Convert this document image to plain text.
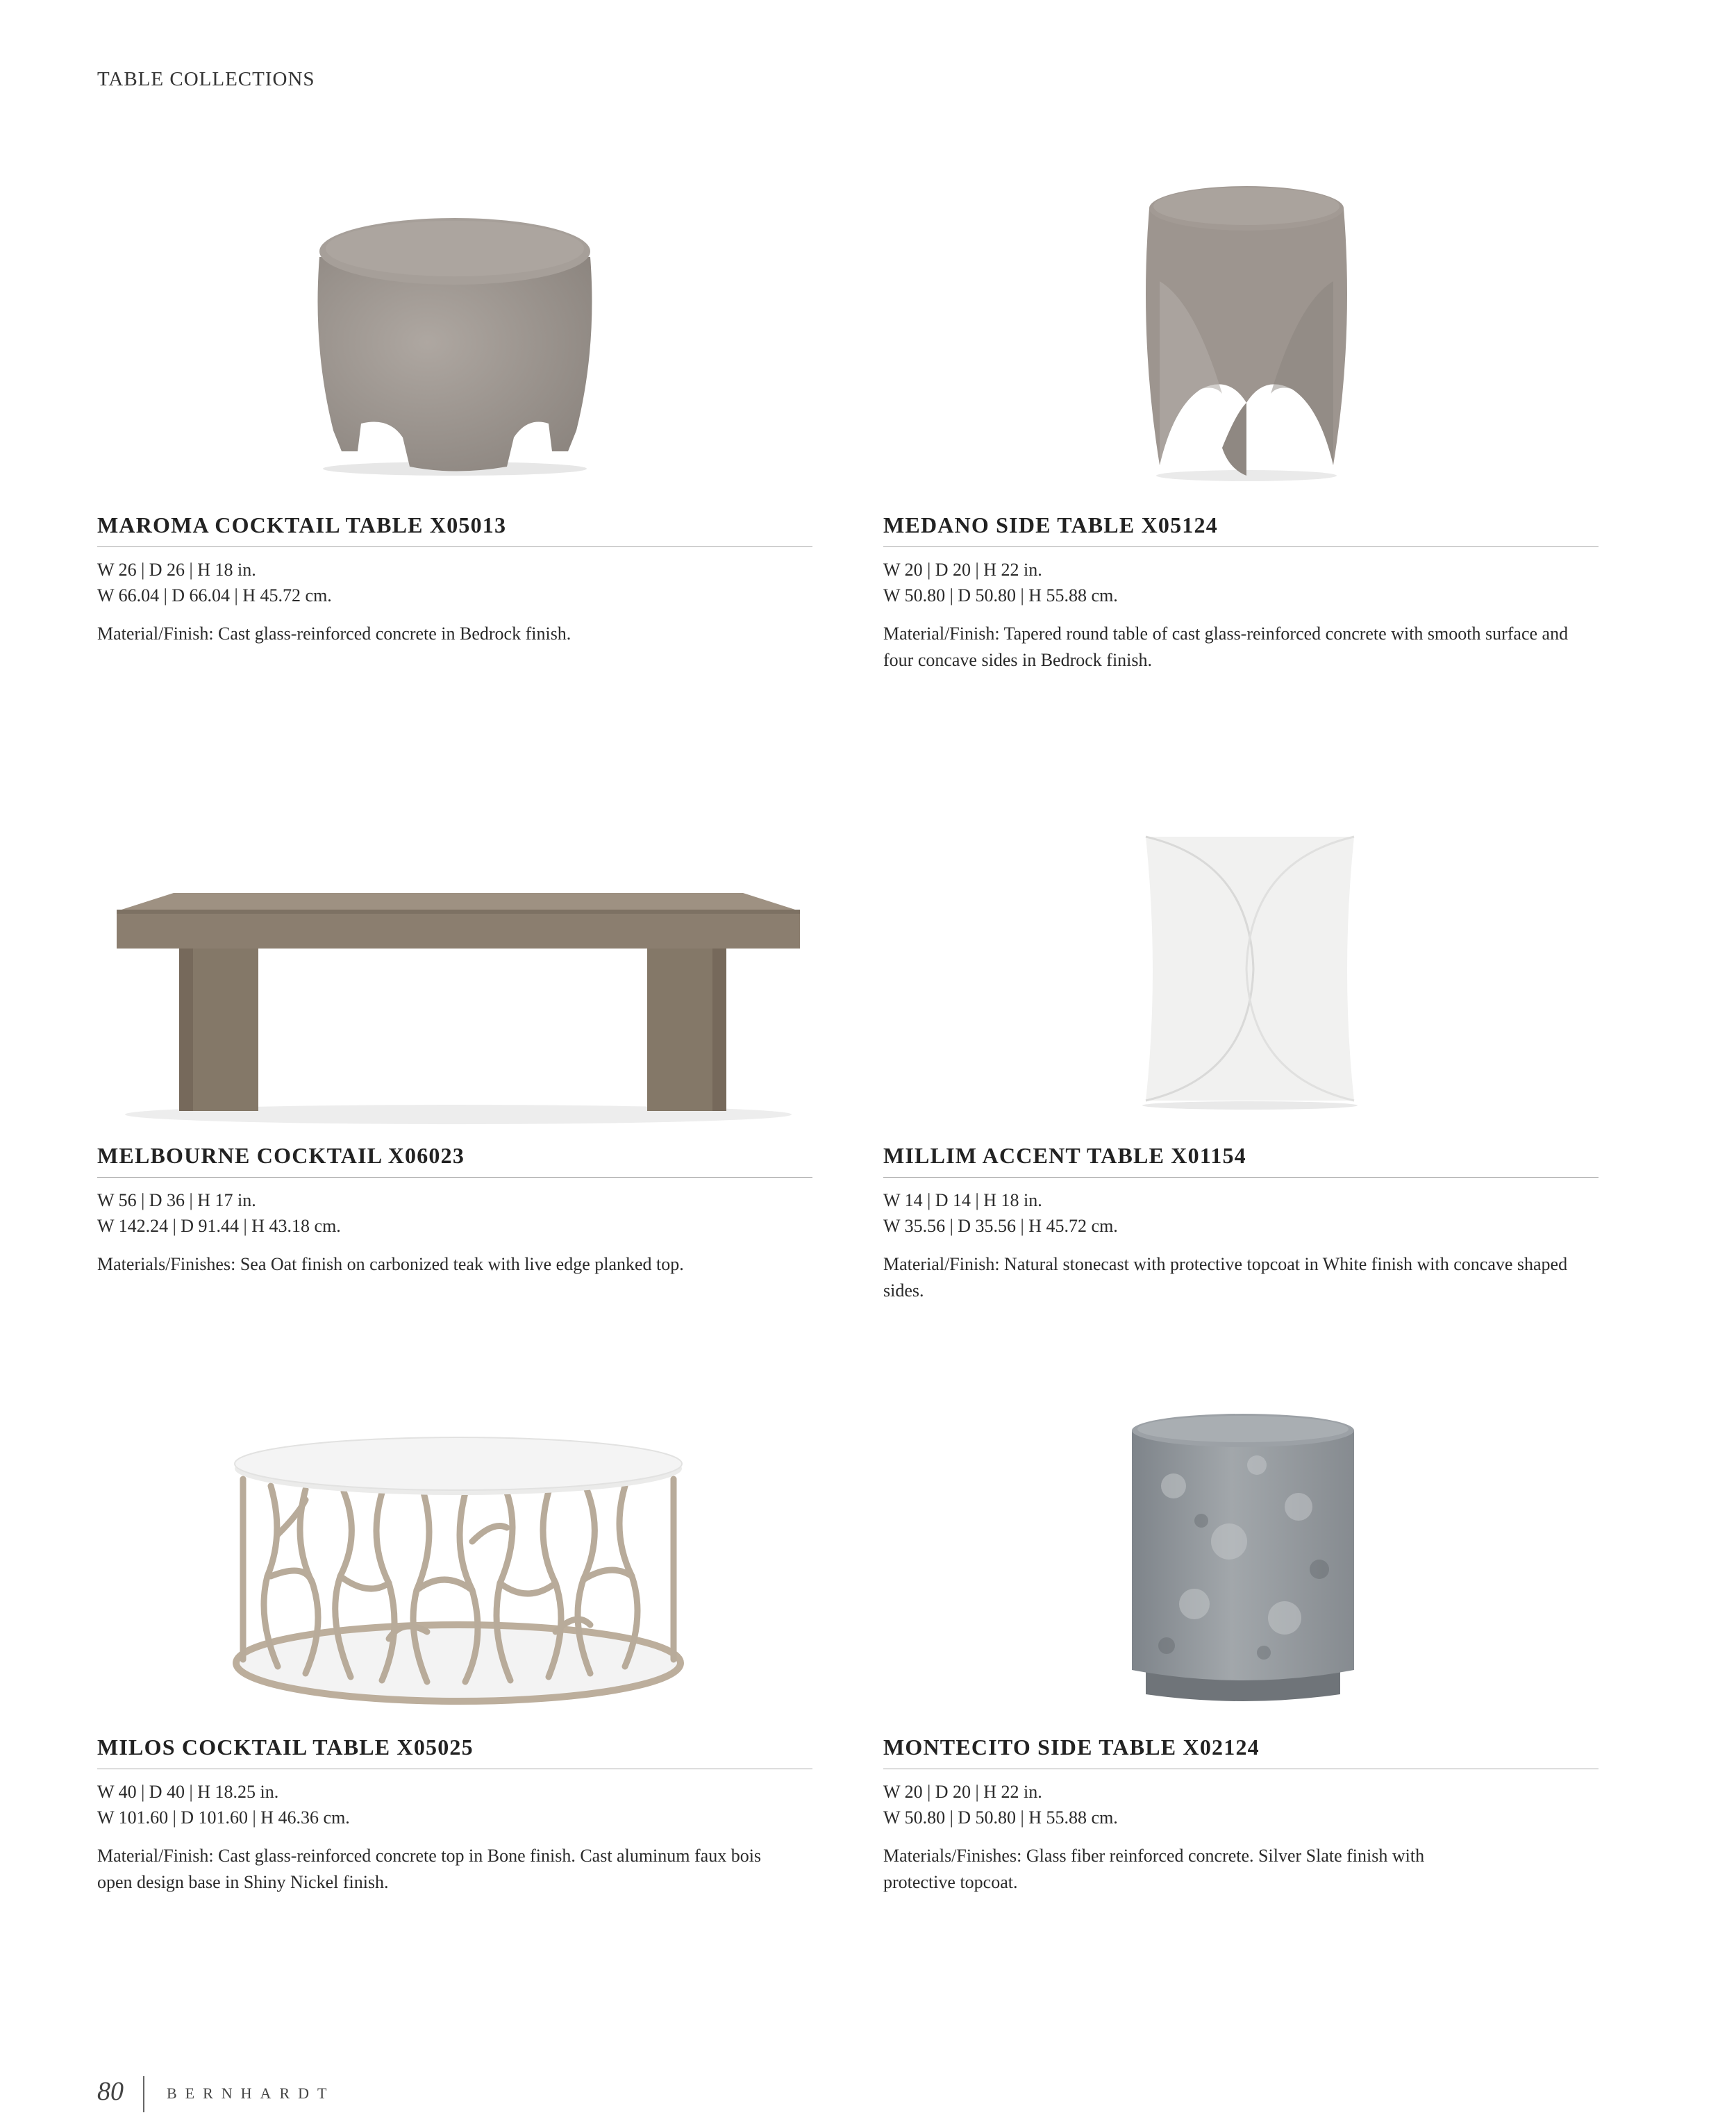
TABLE COLLECTIONS
MAROMA COCKTAIL TABLE X05013
W 26 | D 26 | H 18 in.
W 66.04 | D 66.04 | H 45.72 cm.
Material/Finish: Cast glass-reinforced concrete in Bedrock finish.
MEDANO SIDE TABLE X05124
W 20 | D 20 | H 22 in.
W 50.80 | D 50.80 | H 55.88 cm.
Material/Finish: Tapered round table of cast glass-reinforced concrete with smooth surface and four concave sides in Bedrock finish.
MELBOURNE COCKTAIL X06023
W 56 | D 36 | H 17 in.
W 142.24 | D 91.44 | H 43.18 cm.
Materials/Finishes: Sea Oat finish on carbonized teak with live edge planked top.
MILLIM ACCENT TABLE X01154
W 14 | D 14 | H 18 in.
W 35.56 | D 35.56 | H 45.72 cm.
Material/Finish: Natural stonecast with protective topcoat in White finish with concave shaped sides.
MILOS COCKTAIL TABLE X05025
W 40 | D 40 | H 18.25 in.
W 101.60 | D 101.60 | H 46.36 cm.
Material/Finish: Cast glass-reinforced concrete top in Bone finish. Cast aluminum faux bois open design base in Shiny Nickel finish.
MONTECITO SIDE TABLE X02124
W 20 | D 20 | H 22 in.
W 50.80 | D 50.80 | H 55.88 cm.
Materials/Finishes: Glass fiber reinforced concrete. Silver Slate finish with protective topcoat.
80	BERNHARDT
